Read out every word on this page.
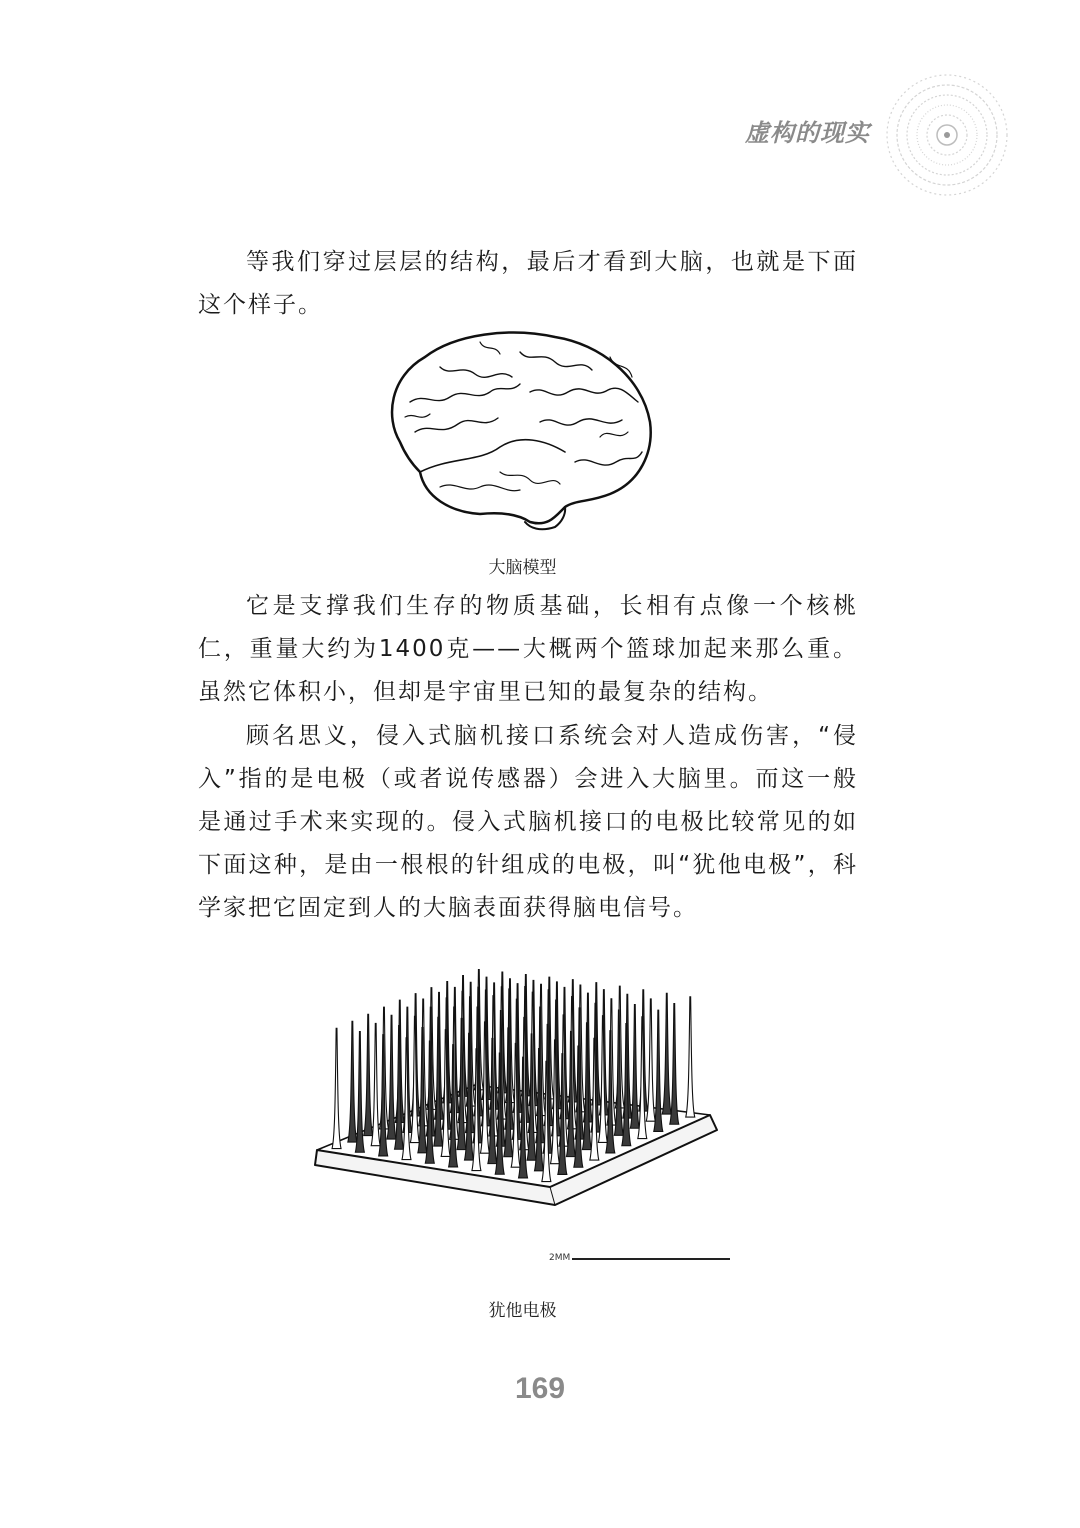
虚构的现实

等我们穿过层层的结构，最后才看到大脑，也就是下面这个样子。

大脑模型

它是支撑我们生存的物质基础，长相有点像一个核桃仁，重量大约为1400克——大概两个篮球加起来那么重。虽然它体积小，但却是宇宙里已知的最复杂的结构。

顾名思义，侵入式脑机接口系统会对人造成伤害，“侵入”指的是电极（或者说传感器）会进入大脑里。而这一般是通过手术来实现的。侵入式脑机接口的电极比较常见的如下面这种，是由一根根的针组成的电极，叫“犹他电极”，科学家把它固定到人的大脑表面获得脑电信号。

2MM
犹他电极
169
